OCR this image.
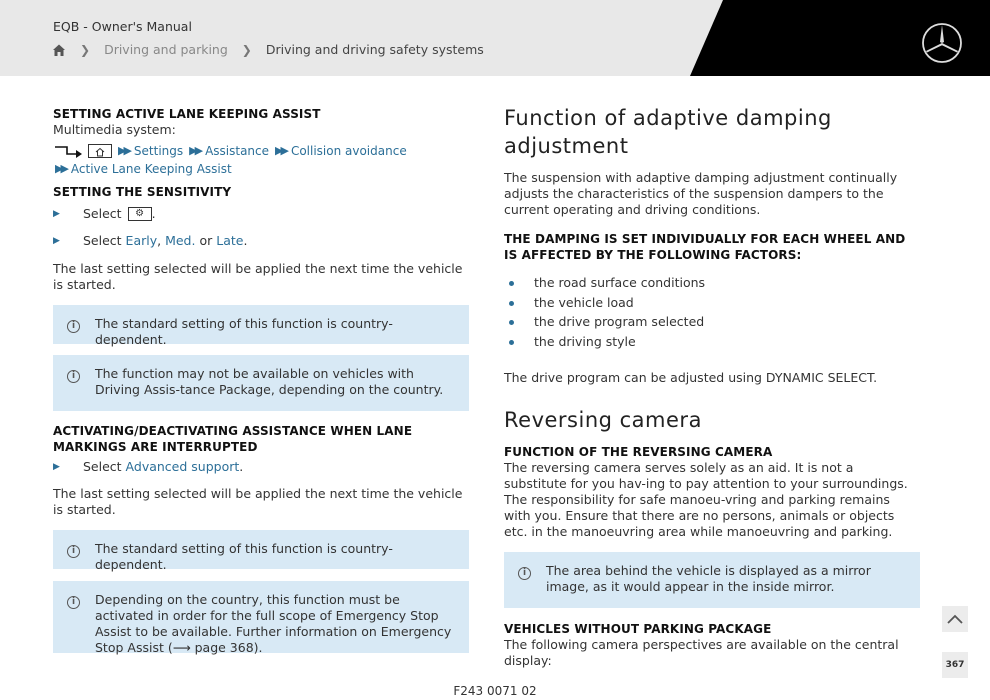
EQB - Owner's Manual
❯ Driving and parking ❯ Driving and driving safety systems
SETTING ACTIVE LANE KEEPING ASSIST
Multimedia system:
▶▶ Settings ▶▶ Assistance ▶▶ Collision avoidance
▶▶ Active Lane Keeping Assist
SETTING THE SENSITIVITY
▶	Select	⚙ .
▶	Select
Early , Med.
or
Late .
The last setting selected will be applied the next time the vehicle is started.
i	The standard setting of this function is country-dependent.
i	The function may not be available on vehicles with Driving Assis-tance Package, depending on the country.
ACTIVATING/DEACTIVATING ASSISTANCE WHEN LANE MARKINGS ARE INTERRUPTED
▶	Select
Advanced support .
The last setting selected will be applied the next time the vehicle is started.
i	The standard setting of this function is country-dependent.
i	Depending on the country, this function must be activated in order for the full scope of Emergency Stop Assist to be available. Further information on Emergency Stop Assist (⟶ page 368).
Function of adaptive damping adjustment
The suspension with adaptive damping adjustment continually adjusts the characteristics of the suspension dampers to the current operating and driving conditions.
THE DAMPING IS SET INDIVIDUALLY FOR EACH WHEEL AND IS AFFECTED BY THE FOLLOWING FACTORS:
the road surface conditions
the vehicle load
the drive program selected
the driving style
The drive program can be adjusted using DYNAMIC SELECT.
Reversing camera
FUNCTION OF THE REVERSING CAMERA
The reversing camera serves solely as an aid. It is not a substitute for you hav-ing to pay attention to your surroundings. The responsibility for safe manoeu-vring and parking remains with you. Ensure that there are no persons, animals or objects etc. in the manoeuvring area while manoeuvring and parking.
i	The area behind the vehicle is displayed as a mirror image, as it would appear in the inside mirror.
VEHICLES WITHOUT PARKING PACKAGE
The following camera perspectives are available on the central display:	367
F243 0071 02
